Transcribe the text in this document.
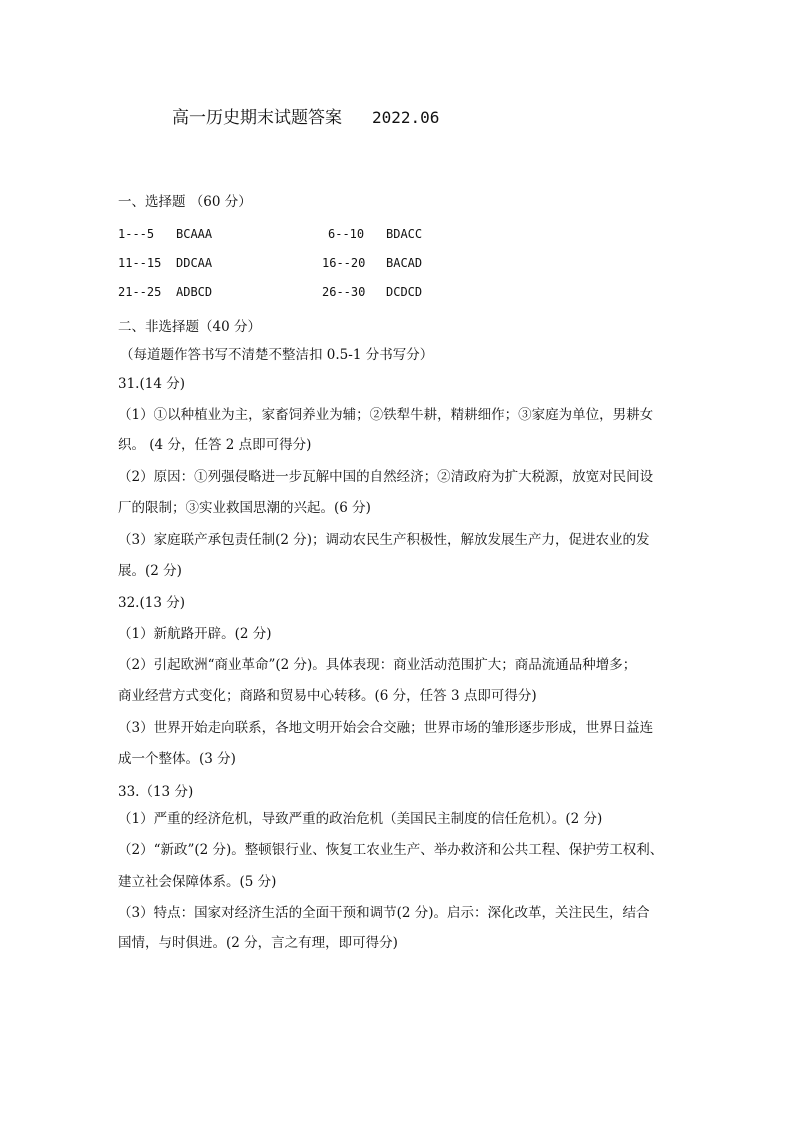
高一历史期末试题答案 2022.06
一、选择题 （60 分）
1---5 BCAAA	6--10 BDACC
11--15 DDCAA	16--20 BACAD
21--25 ADBCD	26--30 DCDCD
二、非选择题（40 分）
（每道题作答书写不清楚不整洁扣 0.5-1 分书写分）
31.(14 分)
（1）①以种植业为主，家畜饲养业为辅；②铁犁牛耕，精耕细作；③家庭为单位，男耕女
织。 (4 分，任答 2 点即可得分)
（2）原因：①列强侵略进一步瓦解中国的自然经济；②清政府为扩大税源，放宽对民间设
厂的限制；③实业救国思潮的兴起。(6 分)
（3）家庭联产承包责任制(2 分)；调动农民生产积极性，解放发展生产力，促进农业的发
展。(2 分)
32.(13 分)
（1）新航路开辟。(2 分)
（2）引起欧洲“商业革命”(2 分)。具体表现：商业活动范围扩大；商品流通品种增多；
商业经营方式变化；商路和贸易中心转移。(6 分，任答 3 点即可得分)
（3）世界开始走向联系，各地文明开始会合交融；世界市场的雏形逐步形成，世界日益连
成一个整体。(3 分)
33.（13 分)
（1）严重的经济危机，导致严重的政治危机（美国民主制度的信任危机）。(2 分)
（2）“新政”(2 分)。整顿银行业、恢复工农业生产、举办救济和公共工程、保护劳工权利、
建立社会保障体系。(5 分)
（3）特点：国家对经济生活的全面干预和调节(2 分)。启示：深化改革，关注民生，结合
国情，与时俱进。(2 分，言之有理，即可得分)
